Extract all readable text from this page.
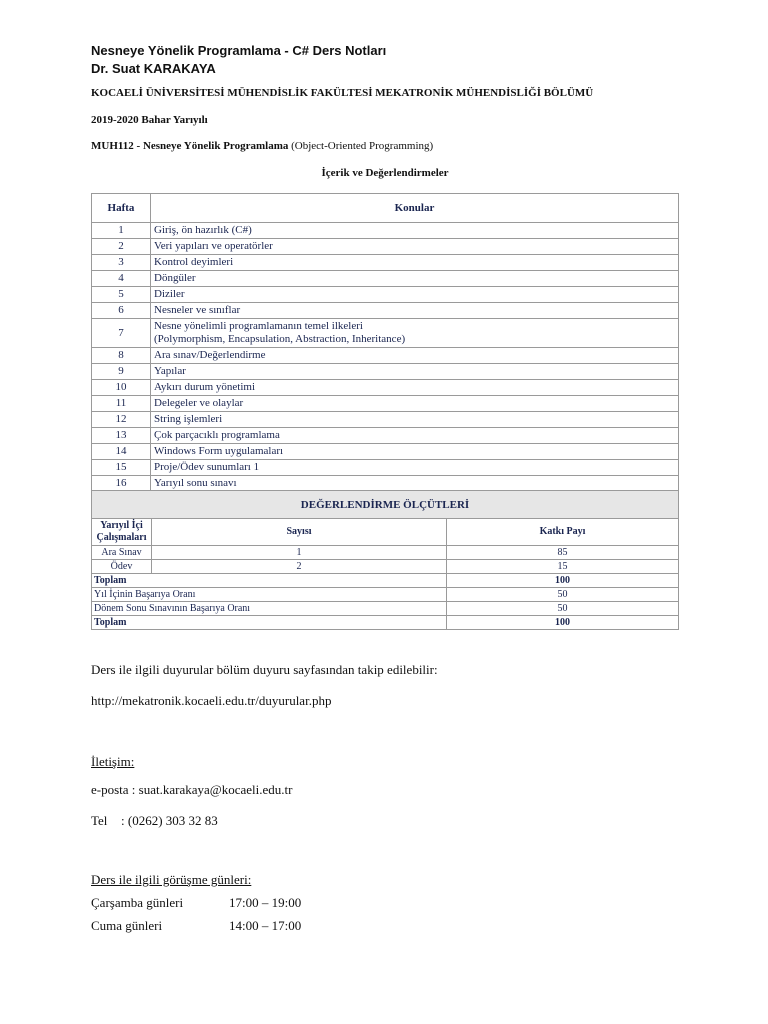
Nesneye Yönelik Programlama - C# Ders Notları
Dr. Suat KARAKAYA
KOCAELİ ÜNİVERSİTESİ MÜHENDİSLİK FAKÜLTESİ MEKATRONİK MÜHENDİSLİĞİ BÖLÜMÜ
2019-2020 Bahar Yarıyılı
MUH112 - Nesneye Yönelik Programlama (Object-Oriented Programming)
İçerik ve Değerlendirmeler
Hafta	Konular
1	Giriş, ön hazırlık (C#)
2	Veri yapıları ve operatörler
3	Kontrol deyimleri
4	Döngüler
5	Diziler
6	Nesneler ve sınıflar
7	Nesne yönelimli programlamanın temel ilkeleri
(Polymorphism, Encapsulation, Abstraction, Inheritance)

8	Ara sınav/Değerlendirme
9	Yapılar
10	Aykırı durum yönetimi
11	Delegeler ve olaylar
12	String işlemleri
13	Çok parçacıklı programlama
14	Windows Form uygulamaları
15	Proje/Ödev sunumları 1
16	Yarıyıl sonu sınavı
DEĞERLENDİRME ÖLÇÜTLERİ		
Yarıyıl İçi Çalışmaları	Sayısı	Katkı Payı
Ara Sınav	1	85
Ödev	2	15
Toplam		100
Yıl İçinin Başarıya Oranı		50
Dönem Sonu Sınavının Başarıya Oranı		50
Toplam		100
Ders ile ilgili duyurular bölüm duyuru sayfasından takip edilebilir:
http://mekatronik.kocaeli.edu.tr/duyurular.php
İletişim:
e-posta : suat.karakaya@kocaeli.edu.tr
Tel : (0262) 303 32 83
Ders ile ilgili görüşme günleri:
Çarşamba günleri	17:00 – 19:00
Cuma günleri	14:00 – 17:00
